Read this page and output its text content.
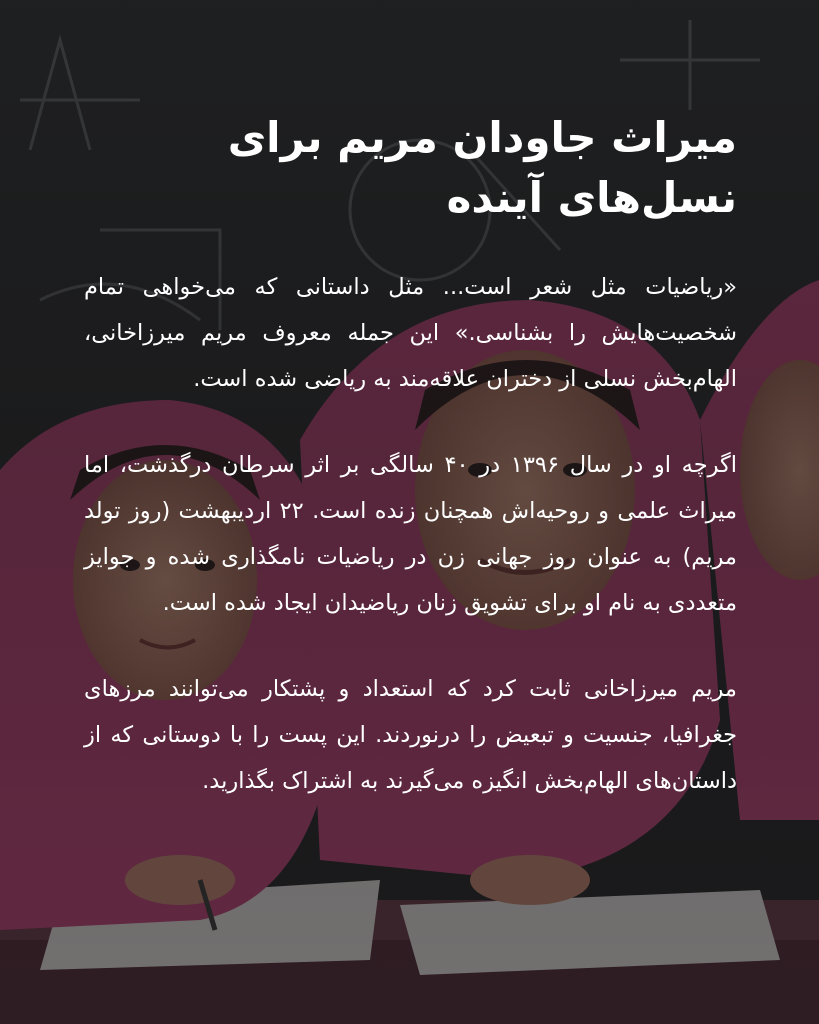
میراث جاودان مریم برای نسل‌های آینده

«ریاضیات مثل شعر است... مثل داستانی که می‌خواهی تمام شخصیت‌هایش را بشناسی.» این جمله معروف مریم میرزاخانی، الهام‌بخش نسلی از دختران علاقه‌مند به ریاضی شده است.

اگرچه او در سال ۱۳۹۶ در ۴۰ سالگی بر اثر سرطان درگذشت، اما میراث علمی و روحیه‌اش همچنان زنده است. ۲۲ اردیبهشت (روز تولد مریم) به عنوان روز جهانی زن در ریاضیات نامگذاری شده و جوایز متعددی به نام او برای تشویق زنان ریاضیدان ایجاد شده است.

مریم میرزاخانی ثابت کرد که استعداد و پشتکار می‌توانند مرزهای جغرافیا، جنسیت و تبعیض را درنوردند. این پست را با دوستانی که از داستان‌های الهام‌بخش انگیزه می‌گیرند به اشتراک بگذارید.
